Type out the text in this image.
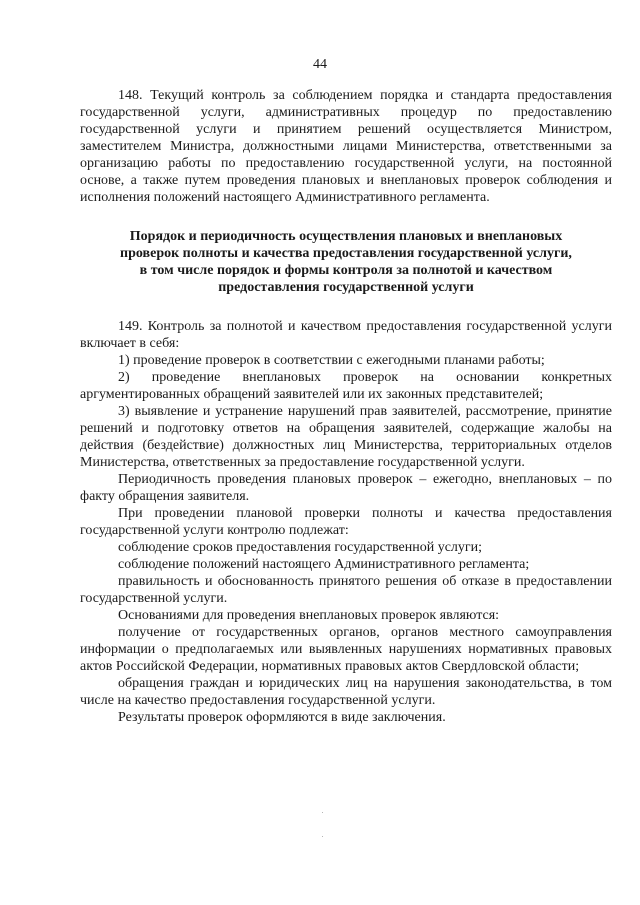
44

148. Текущий контроль за соблюдением порядка и стандарта предоставления государственной услуги, административных процедур по предоставлению государственной услуги и принятием решений осуществляется Министром, заместителем Министра, должностными лицами Министерства, ответственными за организацию работы по предоставлению государственной услуги, на постоянной основе, а также путем проведения плановых и внеплановых проверок соблюдения и исполнения положений настоящего Административного регламента.

Порядок и периодичность осуществления плановых и внеплановых
проверок полноты и качества предоставления государственной услуги,
в том числе порядок и формы контроля за полнотой и качеством
предоставления государственной услуги

149. Контроль за полнотой и качеством предоставления государственной услуги включает в себя:

1) проведение проверок в соответствии с ежегодными планами работы;

2) проведение внеплановых проверок на основании конкретных аргументированных обращений заявителей или их законных представителей;

3) выявление и устранение нарушений прав заявителей, рассмотрение, принятие решений и подготовку ответов на обращения заявителей, содержащие жалобы на действия (бездействие) должностных лиц Министерства, территориальных отделов Министерства, ответственных за предоставление государственной услуги.

Периодичность проведения плановых проверок – ежегодно, внеплановых – по факту обращения заявителя.

При проведении плановой проверки полноты и качества предоставления государственной услуги контролю подлежат:

соблюдение сроков предоставления государственной услуги;

соблюдение положений настоящего Административного регламента;

правильность и обоснованность принятого решения об отказе в предоставлении государственной услуги.

Основаниями для проведения внеплановых проверок являются:

получение от государственных органов, органов местного самоуправления информации о предполагаемых или выявленных нарушениях нормативных правовых актов Российской Федерации, нормативных правовых актов Свердловской области;

обращения граждан и юридических лиц на нарушения законодательства, в том числе на качество предоставления государственной услуги.

Результаты проверок оформляются в виде заключения.
